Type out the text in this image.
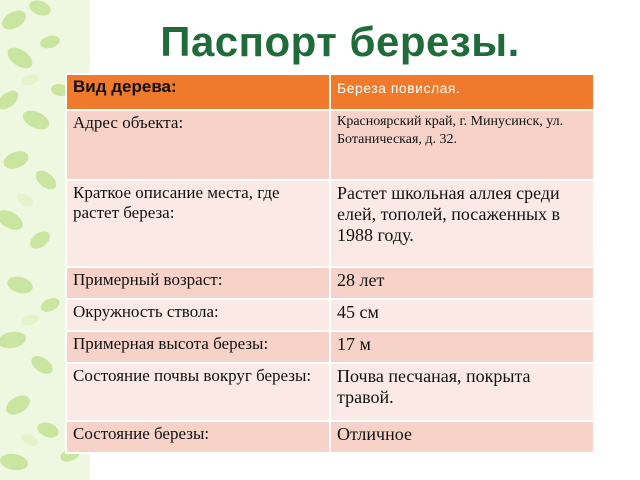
Паспорт березы.
Вид дерева:	Береза повислая.
Адрес объекта:	Красноярский край, г. Минусинск, ул. Ботаническая, д. 32.
Краткое описание места, где растет береза:	Растет школьная аллея среди елей, тополей, посаженных в 1988 году.
Примерный возраст:	28 лет
Окружность ствола:	45 см
Примерная высота березы:	17 м
Состояние почвы вокруг березы:	Почва песчаная, покрыта травой.
Состояние березы:	Отличное
